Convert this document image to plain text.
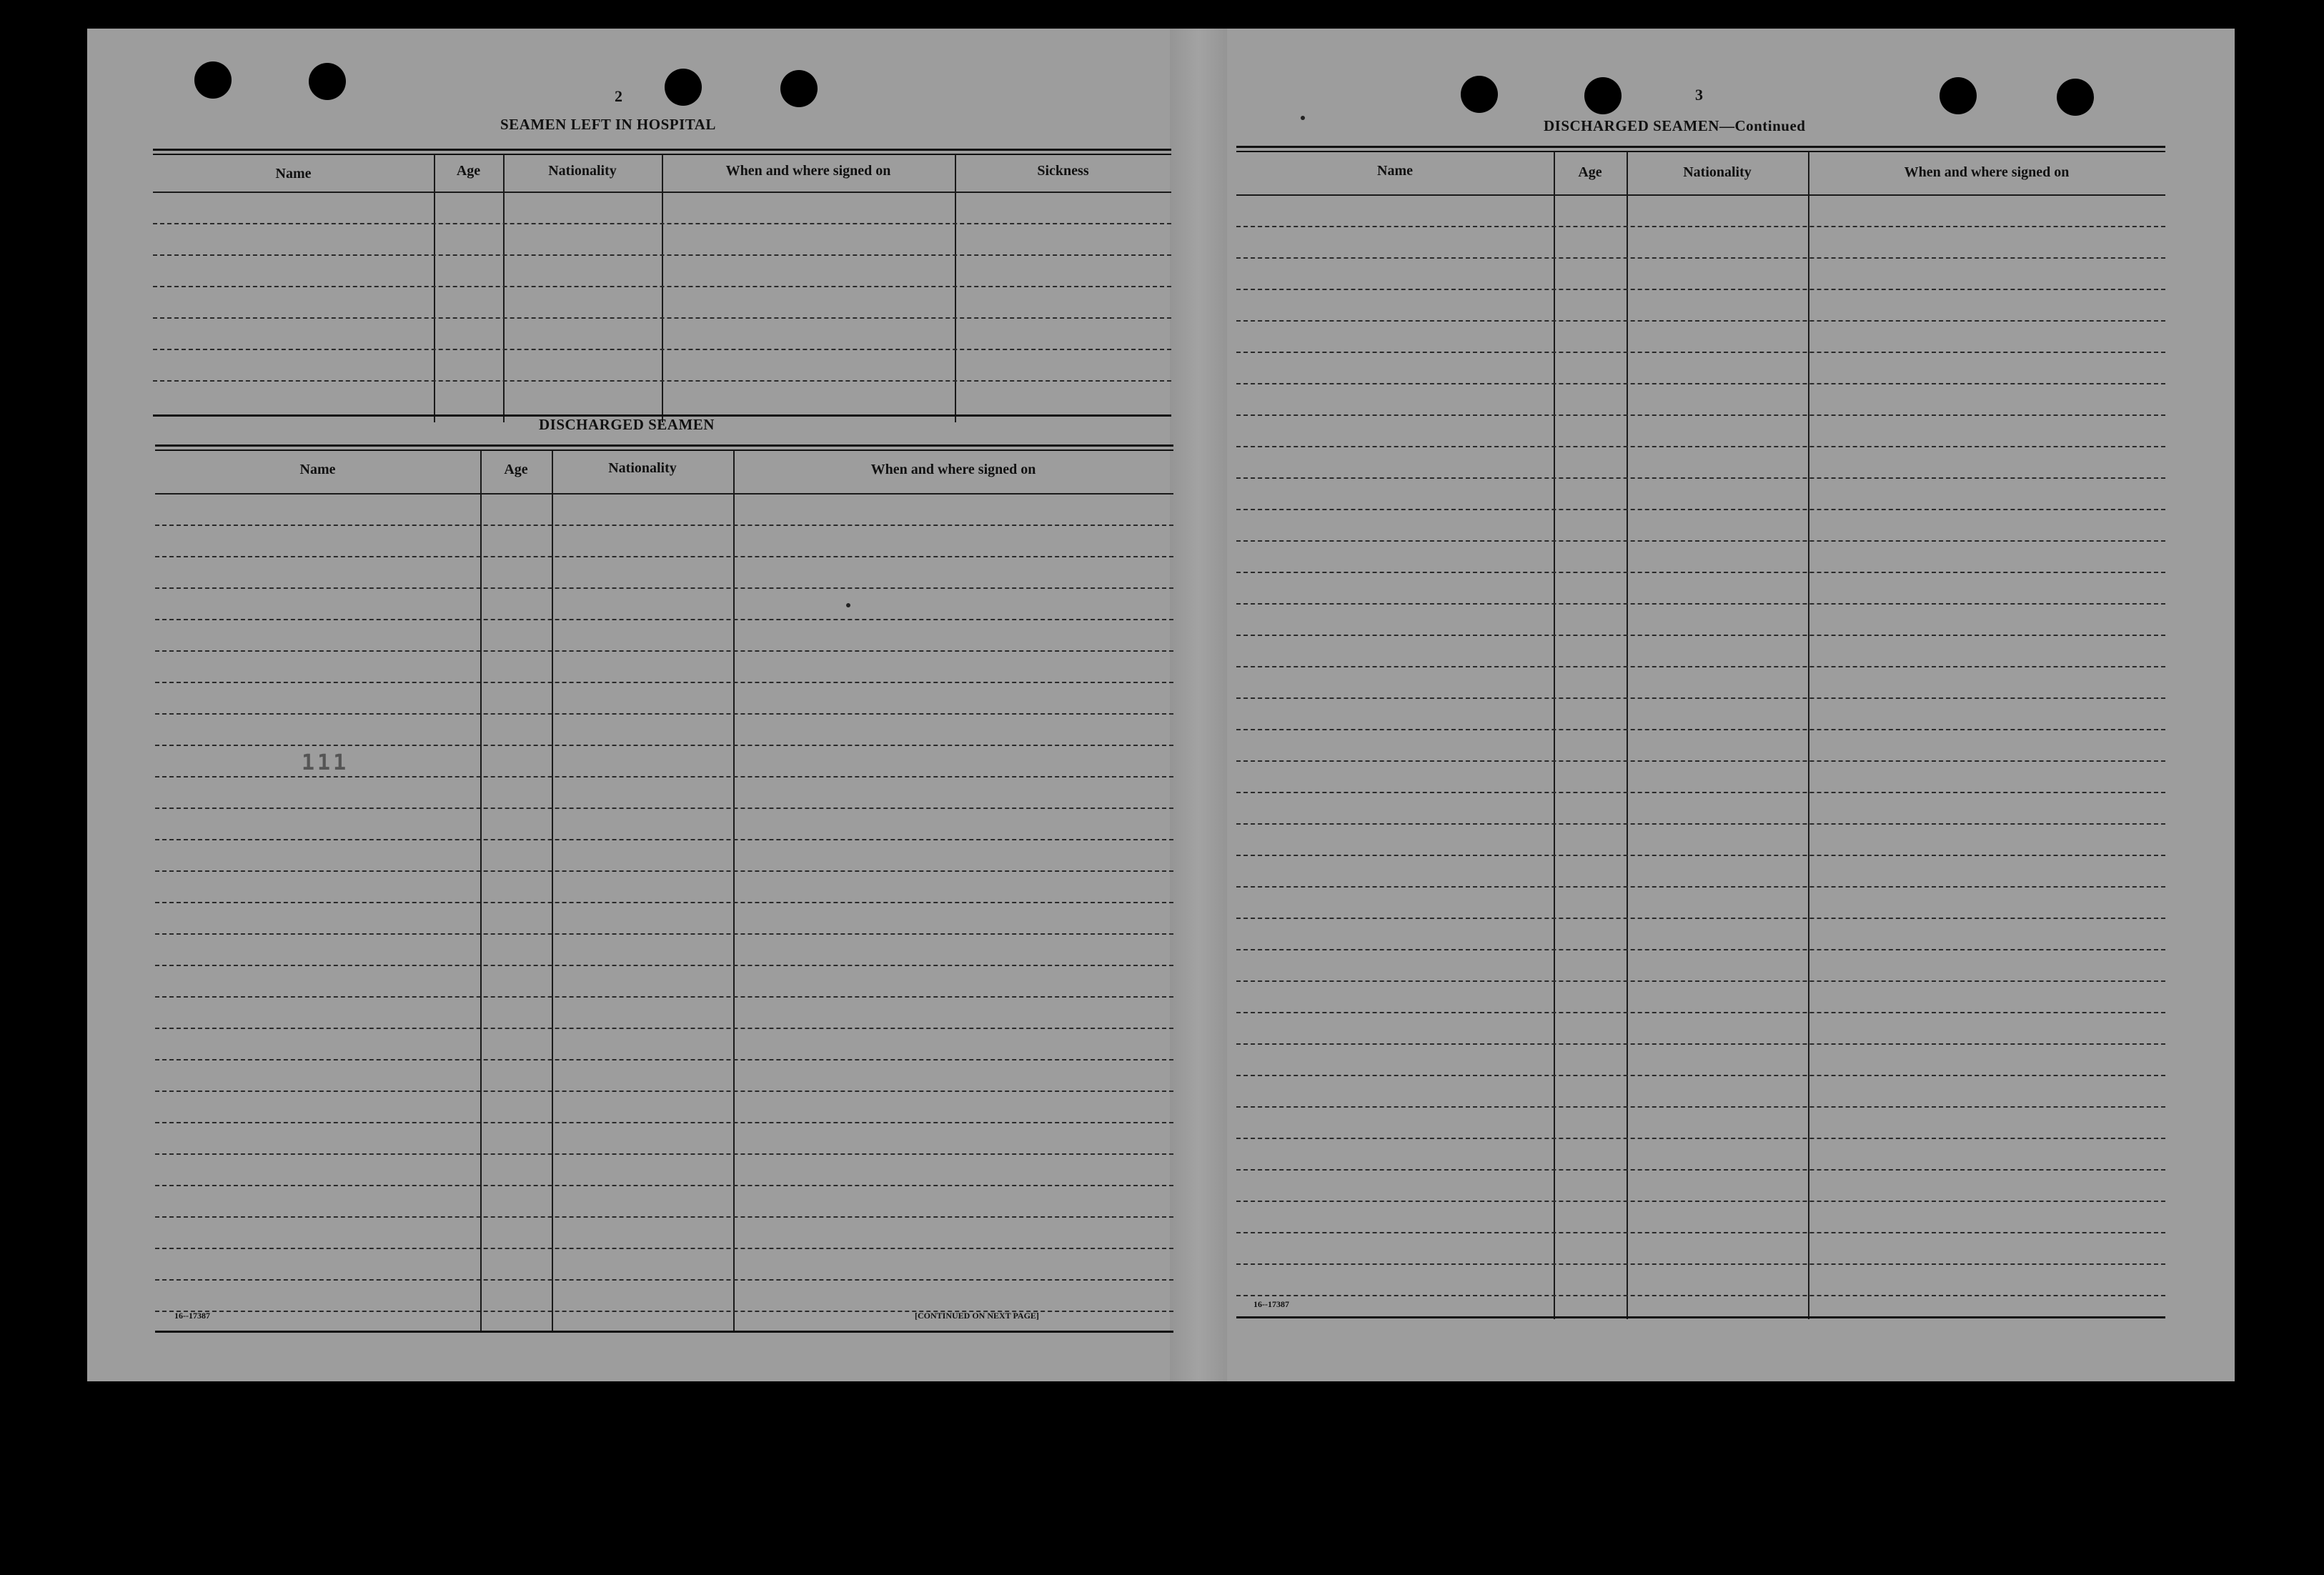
2
SEAMEN LEFT IN HOSPITAL
Name	Age	Nationality	When and where signed on	Sickness
DISCHARGED SEAMEN
Name	Age	Nationality	When and where signed on
111
16--17387	[CONTINUED ON NEXT PAGE]
3
DISCHARGED SEAMEN—Continued
Name	Age	Nationality	When and where signed on
16--17387
